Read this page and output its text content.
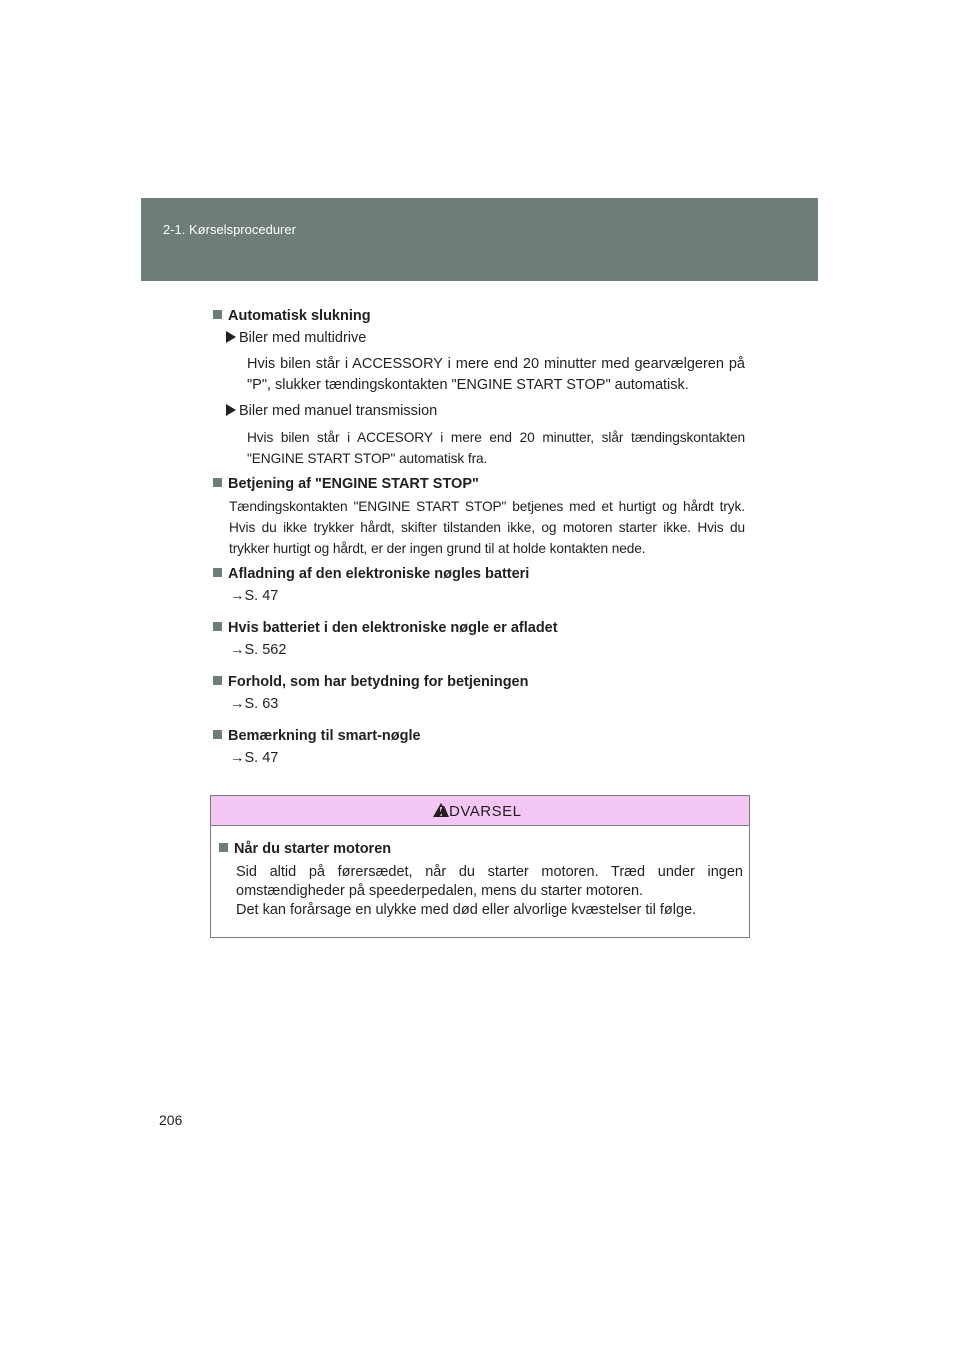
2-1. Kørselsprocedurer
Automatisk slukning
Biler med multidrive
Hvis bilen står i ACCESSORY i mere end 20 minutter med gearvælgeren på "P", slukker tændingskontakten "ENGINE START STOP" automatisk.
Biler med manuel transmission
Hvis bilen står i ACCESORY i mere end 20 minutter, slår tændingskontakten "ENGINE START STOP" automatisk fra.
Betjening af "ENGINE START STOP"
Tændingskontakten "ENGINE START STOP" betjenes med et hurtigt og hårdt tryk. Hvis du ikke trykker hårdt, skifter tilstanden ikke, og motoren starter ikke. Hvis du trykker hurtigt og hårdt, er der ingen grund til at holde kontakten nede.
Afladning af den elektroniske nøgles batteri
→S. 47
Hvis batteriet i den elektroniske nøgle er afladet
→S. 562
Forhold, som har betydning for betjeningen
→S. 63
Bemærkning til smart-nøgle
→S. 47
ADVARSEL
Når du starter motoren
Sid altid på førersædet, når du starter motoren. Træd under ingen omstændigheder på speederpedalen, mens du starter motoren.
Det kan forårsage en ulykke med død eller alvorlige kvæstelser til følge.
206
